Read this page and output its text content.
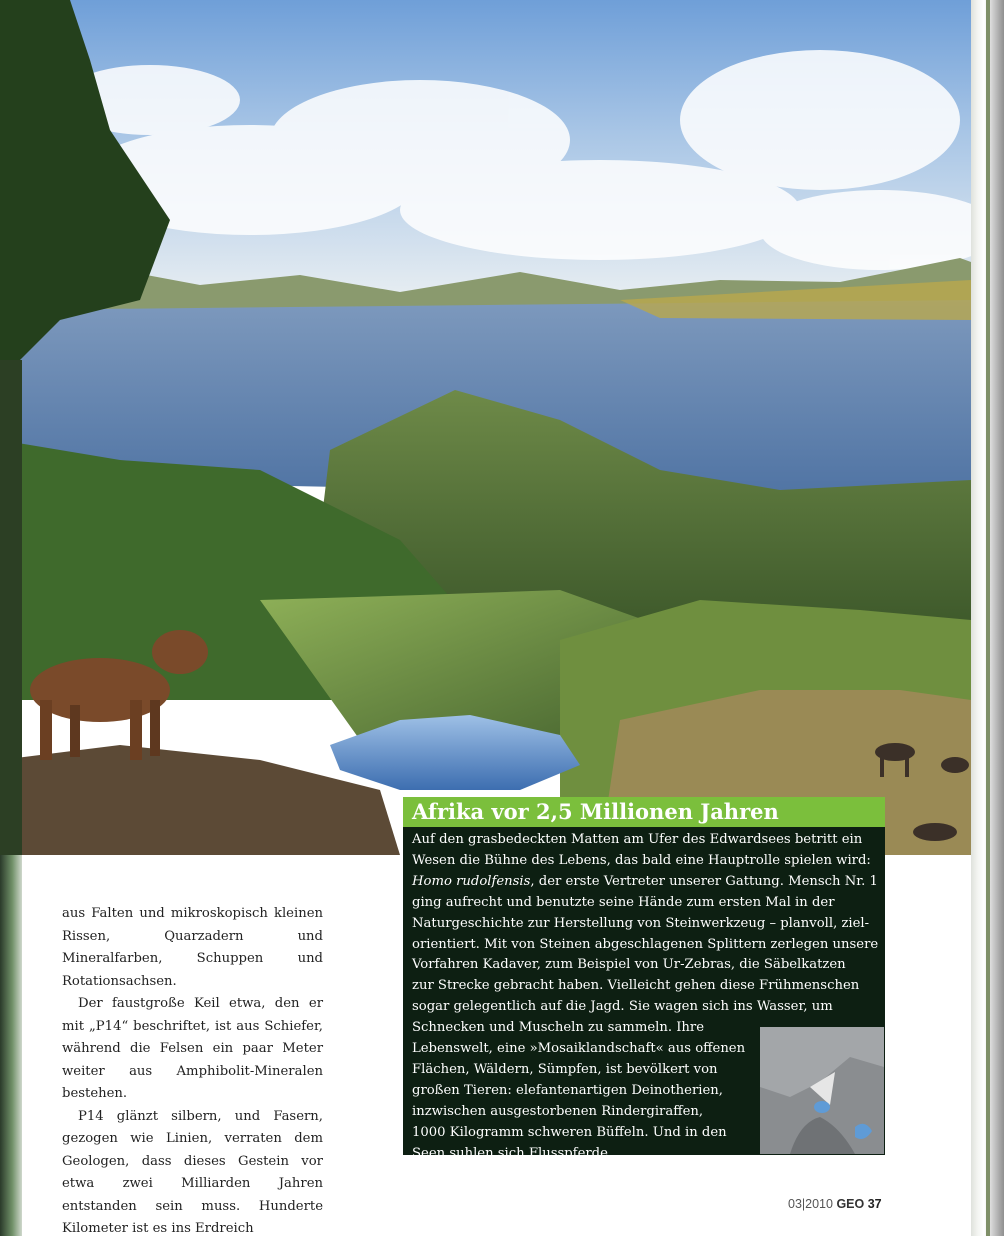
aus Falten und mikroskopisch kleinen Rissen, Quarzadern und Mineralfarben, Schuppen und Rotationsachsen.

Der faustgroße Keil etwa, den er mit „P14“ beschriftet, ist aus Schiefer, während die Felsen ein paar Meter weiter aus Amphibolit-Mineralen bestehen.

P14 glänzt silbern, und Fasern, gezogen wie Linien, verraten dem Geologen, dass dieses Gestein vor etwa zwei Milliarden Jahren entstanden sein muss. Hunderte Kilometer ist es ins Erdreich

Afrika vor 2,5 Millionen Jahren
Auf den grasbedeckten Matten am Ufer des Edwardsees betritt ein
Wesen die Bühne des Lebens, das bald eine Hauptrolle spielen wird:
Homo rudolfensis, der erste Vertreter unserer Gattung. Mensch Nr. 1
ging aufrecht und benutzte seine Hände zum ersten Mal in der
Naturgeschichte zur Herstellung von Steinwerkzeug – planvoll, ziel-
orientiert. Mit von Steinen abgeschlagenen Splittern zerlegen unsere
Vorfahren Kadaver, zum Beispiel von Ur-Zebras, die Säbelkatzen
zur Strecke gebracht haben. Vielleicht gehen diese Frühmenschen
sogar gelegentlich auf die Jagd. Sie wagen sich ins Wasser, um
Schnecken und Muscheln zu sammeln. Ihre
Lebenswelt, eine »Mosaiklandschaft« aus offenen
Flächen, Wäldern, Sümpfen, ist bevölkert von
großen Tieren: elefantenartigen Deinotherien,
inzwischen ausgestorbenen Rindergiraffen,
1000 Kilogramm schweren Büffeln. Und in den
Seen suhlen sich Flusspferde.
03|2010 GEO 37
